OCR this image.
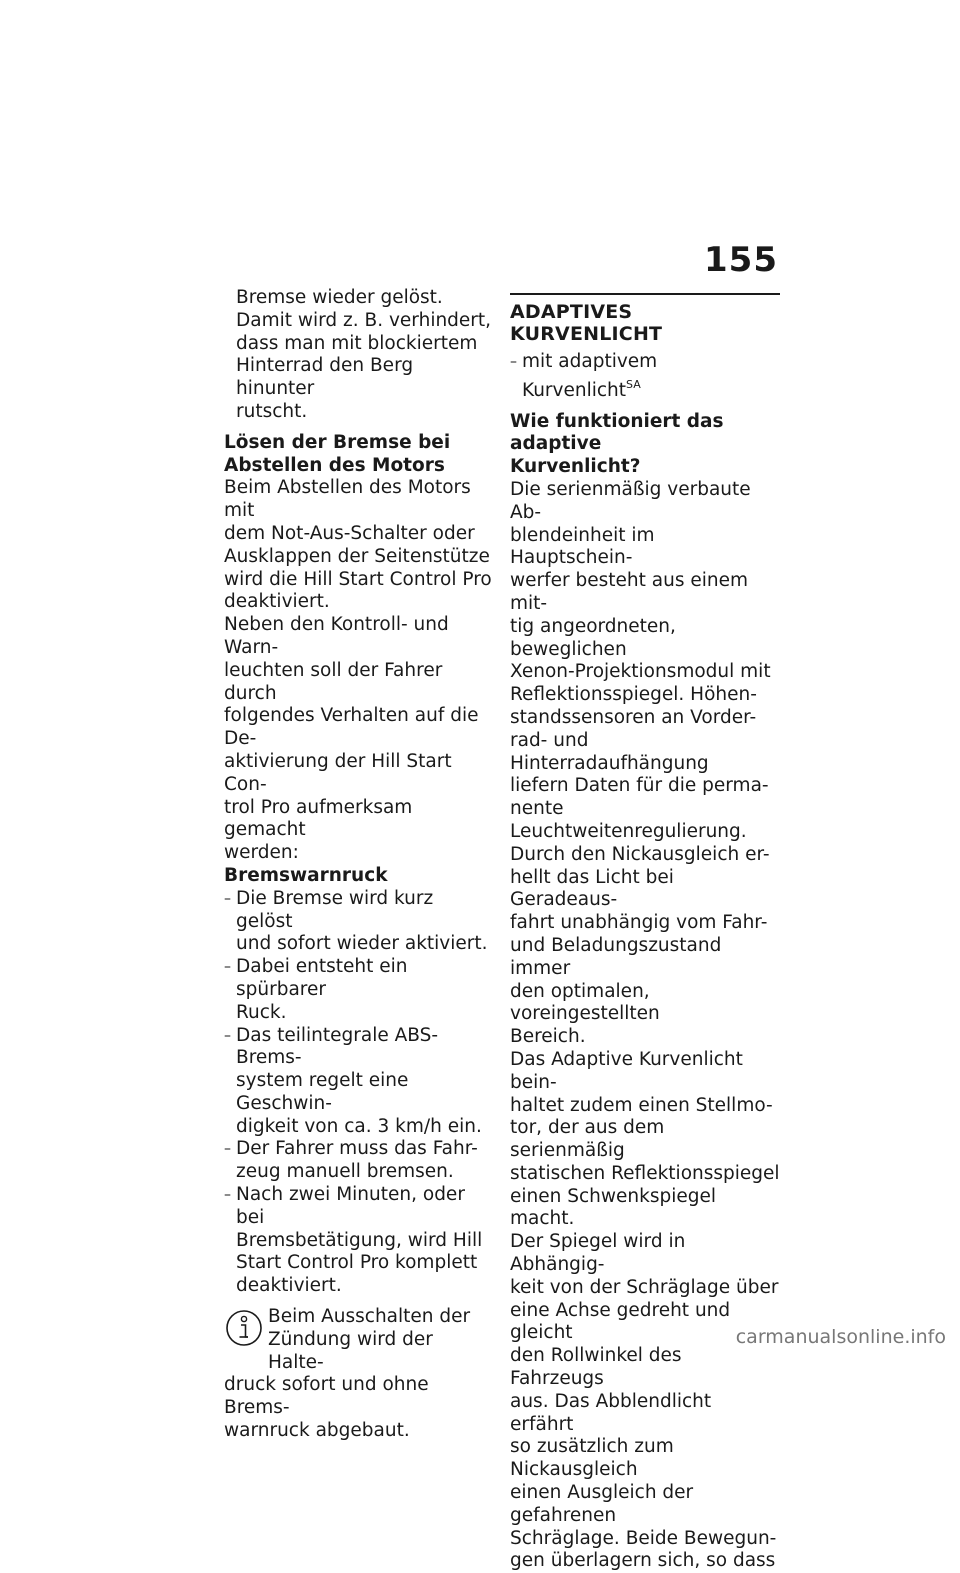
155
Bremse wieder gelöst.
Damit wird z. B. verhindert,
dass man mit blockiertem
Hinterrad den Berg hinunter
rutscht.
Lösen der Bremse bei
Abstellen des Motors
Beim Abstellen des Motors mit
dem Not-Aus-Schalter oder
Ausklappen der Seitenstütze
wird die Hill Start Control Pro
deaktiviert.
Neben den Kontroll- und Warn-
leuchten soll der Fahrer durch
folgendes Verhalten auf die De-
aktivierung der Hill Start Con-
trol Pro aufmerksam gemacht
werden:
Bremswarnruck
– Die Bremse wird kurz gelöst
und sofort wieder aktiviert.
– Dabei entsteht ein spürbarer
Ruck.
– Das teilintegrale ABS-Brems-
system regelt eine Geschwin-
digkeit von ca. 3 km/h ein.
– Der Fahrer muss das Fahr-
zeug manuell bremsen.
– Nach zwei Minuten, oder bei
Bremsbetätigung, wird Hill
Start Control Pro komplett
deaktiviert.
Beim Ausschalten der
Zündung wird der Halte-
druck sofort und ohne Brems-
warnruck abgebaut.
ADAPTIVES KURVENLICHT
– mit adaptivem Kurvenlicht$^{SA}$
Wie funktioniert das adaptive
Kurvenlicht?
Die serienmäßig verbaute Ab-
blendeinheit im Hauptschein-
werfer besteht aus einem mit-
tig angeordneten, beweglichen
Xenon-Projektionsmodul mit
Reflektionsspiegel. Höhen-
standssensoren an Vorder-
rad- und Hinterradaufhängung
liefern Daten für die perma-
nente Leuchtweitenregulierung.
Durch den Nickausgleich er-
hellt das Licht bei Geradeaus-
fahrt unabhängig vom Fahr-
und Beladungszustand immer
den optimalen, voreingestellten
Bereich.
Das Adaptive Kurvenlicht bein-
haltet zudem einen Stellmo-
tor, der aus dem serienmäßig
statischen Reflektionsspiegel
einen Schwenkspiegel macht.
Der Spiegel wird in Abhängig-
keit von der Schräglage über
eine Achse gedreht und gleicht
den Rollwinkel des Fahrzeugs
aus. Das Abblendlicht erfährt
so zusätzlich zum Nickausgleich
einen Ausgleich der gefahrenen
Schräglage. Beide Bewegun-
gen überlagern sich, so dass
carmanualsonline.info
